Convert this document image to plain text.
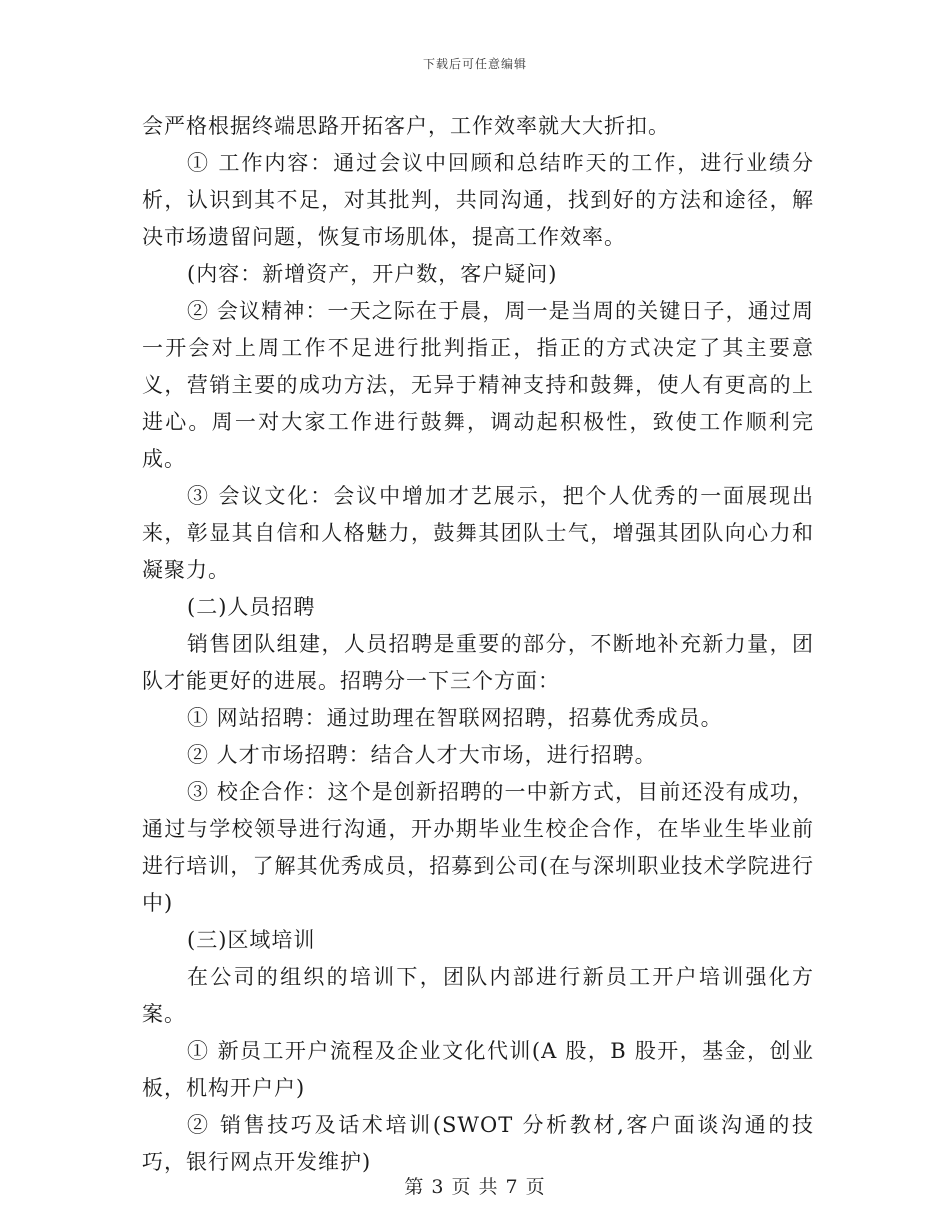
下载后可任意编辑

会严格根据终端思路开拓客户，工作效率就大大折扣。

① 工作内容：通过会议中回顾和总结昨天的工作，进行业绩分析，认识到其不足，对其批判，共同沟通，找到好的方法和途径，解决市场遗留问题，恢复市场肌体，提高工作效率。

(内容：新增资产，开户数，客户疑问)

② 会议精神：一天之际在于晨，周一是当周的关键日子，通过周一开会对上周工作不足进行批判指正，指正的方式决定了其主要意义，营销主要的成功方法，无异于精神支持和鼓舞，使人有更高的上进心。周一对大家工作进行鼓舞，调动起积极性，致使工作顺利完成。

③ 会议文化：会议中增加才艺展示，把个人优秀的一面展现出来，彰显其自信和人格魅力，鼓舞其团队士气，增强其团队向心力和凝聚力。

(二)人员招聘

销售团队组建，人员招聘是重要的部分，不断地补充新力量，团队才能更好的进展。招聘分一下三个方面：

① 网站招聘：通过助理在智联网招聘，招募优秀成员。

② 人才市场招聘：结合人才大市场，进行招聘。

③ 校企合作：这个是创新招聘的一中新方式，目前还没有成功，通过与学校领导进行沟通，开办期毕业生校企合作，在毕业生毕业前进行培训，了解其优秀成员，招募到公司(在与深圳职业技术学院进行中)

(三)区域培训

在公司的组织的培训下，团队内部进行新员工开户培训强化方案。

① 新员工开户流程及企业文化代训(A 股，B 股开，基金，创业板，机构开户户)

② 销售技巧及话术培训(SWOT 分析教材,客户面谈沟通的技巧，银行网点开发维护)

第 3 页 共 7 页
